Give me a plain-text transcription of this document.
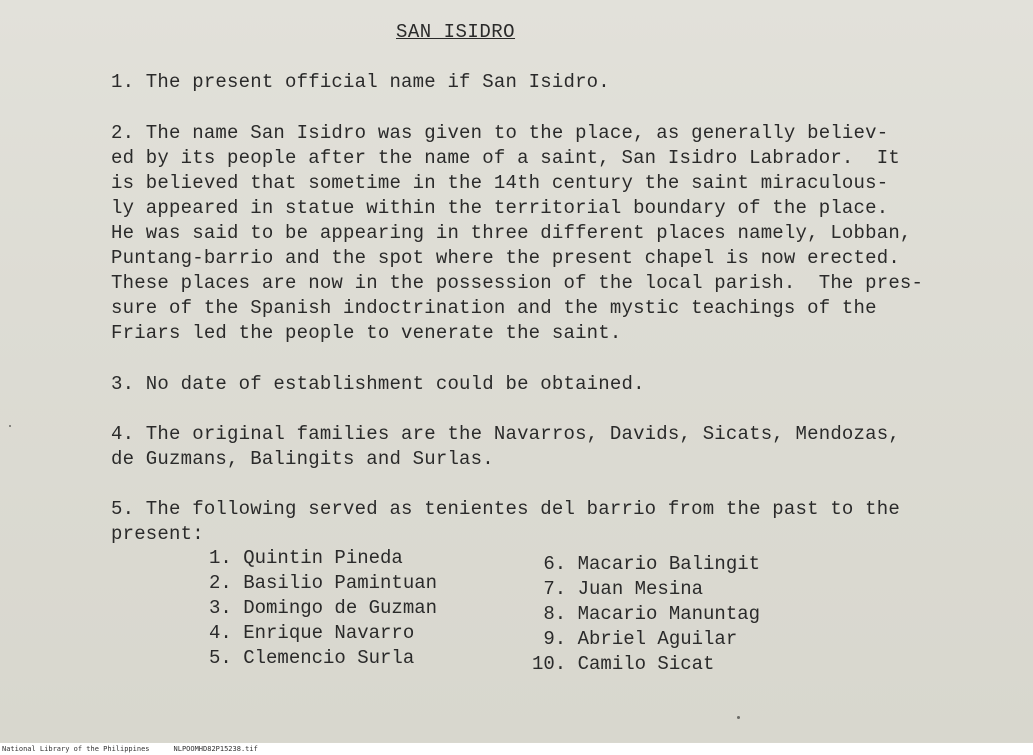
SAN ISIDRO
1. The present official name if San Isidro.
2. The name San Isidro was given to the place, as generally believ-
ed by its people after the name of a saint, San Isidro Labrador.  It
is believed that sometime in the 14th century the saint miraculous-
ly appeared in statue within the territorial boundary of the place.
He was said to be appearing in three different places namely, Lobban,
Puntang-barrio and the spot where the present chapel is now erected.
These places are now in the possession of the local parish.  The pres-
sure of the Spanish indoctrination and the mystic teachings of the
Friars led the people to venerate the saint.
3. No date of establishment could be obtained.
4. The original families are the Navarros, Davids, Sicats, Mendozas,
de Guzmans, Balingits and Surlas.
5. The following served as tenientes del barrio from the past to the
present:
1. Quintin Pineda
2. Basilio Pamintuan
3. Domingo de Guzman
4. Enrique Navarro
5. Clemencio Surla
6. Macario Balingit
7. Juan Mesina
8. Macario Manuntag
9. Abriel Aguilar
10. Camilo Sicat
National Library of the Philippines	NLPOOMHD82P15238.tif
